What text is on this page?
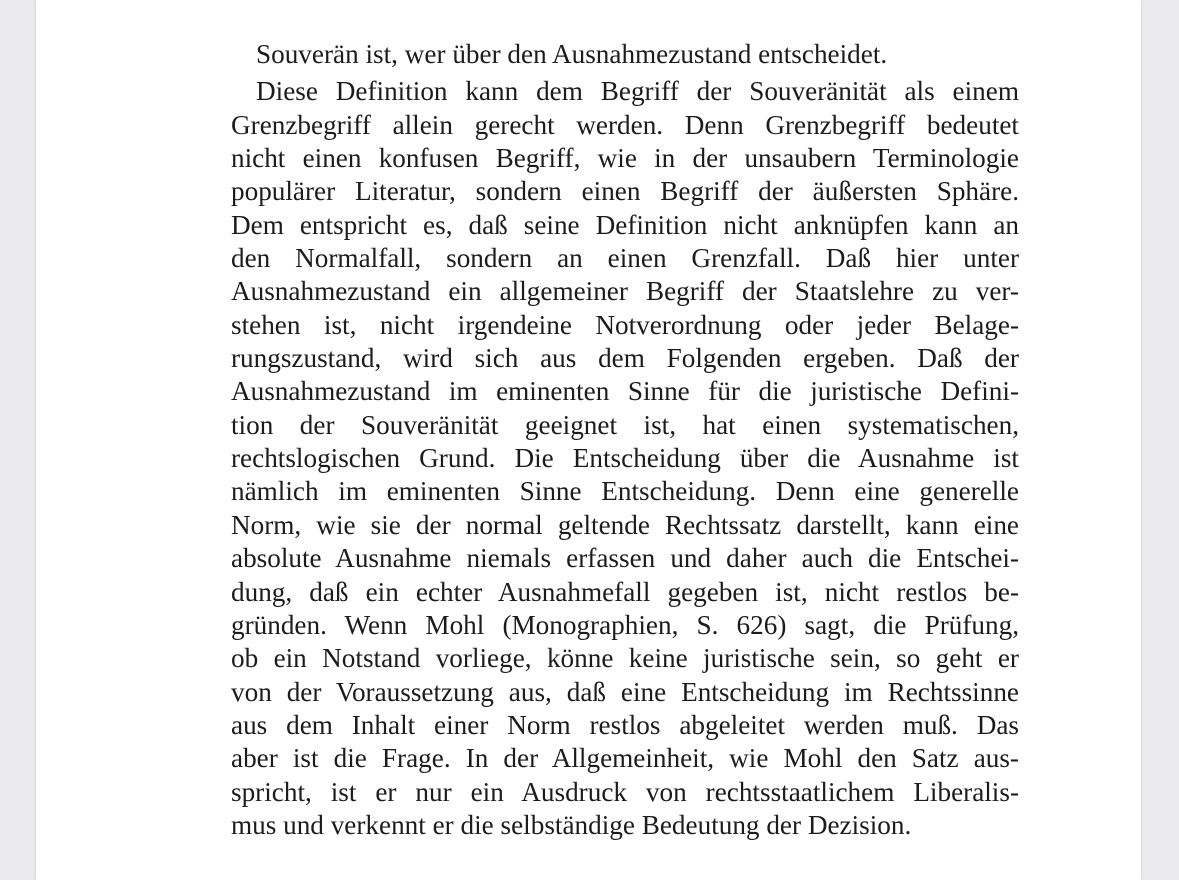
Souverän ist, wer über den Ausnahmezustand entscheidet.
Diese Definition kann dem Begriff der Souveränität als einem
Grenzbegriff allein gerecht werden. Denn Grenzbegriff bedeutet
nicht einen konfusen Begriff, wie in der unsaubern Terminologie
populärer Literatur, sondern einen Begriff der äußersten Sphäre.
Dem entspricht es, daß seine Definition nicht anknüpfen kann an
den Normalfall, sondern an einen Grenzfall. Daß hier unter
Ausnahmezustand ein allgemeiner Begriff der Staatslehre zu ver-
stehen ist, nicht irgendeine Notverordnung oder jeder Belage-
rungszustand, wird sich aus dem Folgenden ergeben. Daß der
Ausnahmezustand im eminenten Sinne für die juristische Defini-
tion der Souveränität geeignet ist, hat einen systematischen,
rechtslogischen Grund. Die Entscheidung über die Ausnahme ist
nämlich im eminenten Sinne Entscheidung. Denn eine generelle
Norm, wie sie der normal geltende Rechtssatz darstellt, kann eine
absolute Ausnahme niemals erfassen und daher auch die Entschei-
dung, daß ein echter Ausnahmefall gegeben ist, nicht restlos be-
gründen. Wenn Mohl (Monographien, S. 626) sagt, die Prüfung,
ob ein Notstand vorliege, könne keine juristische sein, so geht er
von der Voraussetzung aus, daß eine Entscheidung im Rechtssinne
aus dem Inhalt einer Norm restlos abgeleitet werden muß. Das
aber ist die Frage. In der Allgemeinheit, wie Mohl den Satz aus-
spricht, ist er nur ein Ausdruck von rechtsstaatlichem Liberalis-
mus und verkennt er die selbständige Bedeutung der Dezision.
